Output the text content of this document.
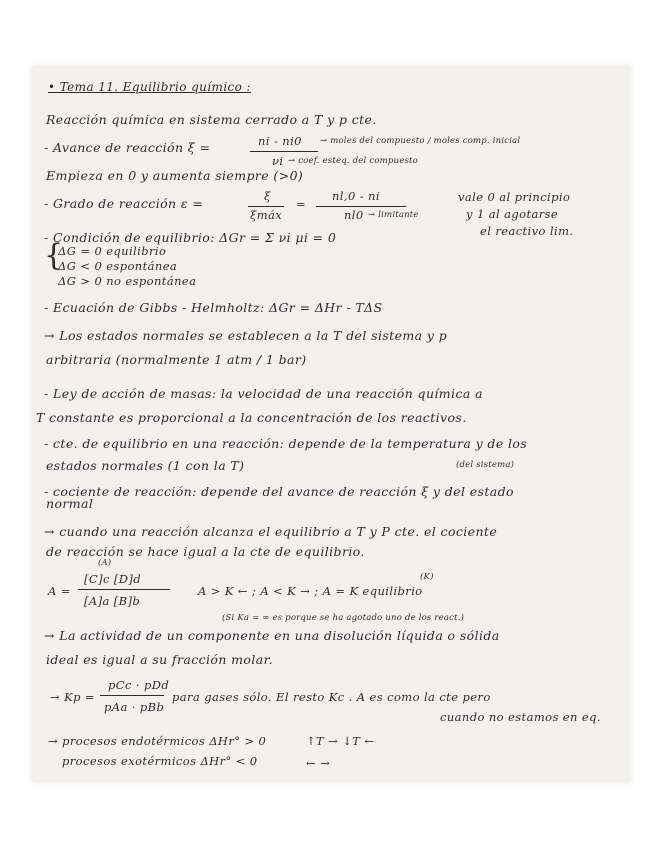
• Tema 11. Equilibrio químico :
Reacción química en sistema cerrado a T y p cte.
- Avance de reacción ξ =	ni - ni0
νi
→ moles del compuesto / moles comp. inicial
→ coef. esteq. del compuesto
Empieza en 0 y aumenta siempre (>0)
- Grado de reacción ε =	ξ
ξmáx
=
nl,0 - ni
nl0 → limitante
vale 0 al principio
y 1 al agotarse
el reactivo lim.
- Condición de equilibrio: ΔGr = Σ νi μi = 0
{
ΔG = 0 equilibrio
ΔG < 0 espontánea
ΔG > 0 no espontánea
- Ecuación de Gibbs - Helmholtz: ΔGr = ΔHr - TΔS
→ Los estados normales se establecen a la T del sistema y p
arbitraria (normalmente 1 atm / 1 bar)
- Ley de acción de masas: la velocidad de una reacción química a
T constante es proporcional a la concentración de los reactivos.
- cte. de equilibrio en una reacción: depende de la temperatura y de los
estados normales (1 con la T)	(del sistema)
- cociente de reacción: depende del avance de reacción ξ y del estado
normal
→ cuando una reacción alcanza el equilibrio a T y P cte. el cociente
de reacción se hace igual a la cte de equilibrio.
(A)
(K)
A =
[C]c [D]d
[A]a [B]b
A > K ← ; A < K → ; A = K equilibrio
(Si Ka = ∞ es porque se ha agotado uno de los react.)
→ La actividad de un componente en una disolución líquida o sólida
ideal es igual a su fracción molar.
→ Kp =
pCc · pDd
pAa · pBb
para gases sólo. El resto Kc . A es como la cte pero
cuando no estamos en eq.
→ procesos endotérmicos ΔHr° > 0	↑T → ↓T ←
procesos exotérmicos ΔHr° < 0	← →
